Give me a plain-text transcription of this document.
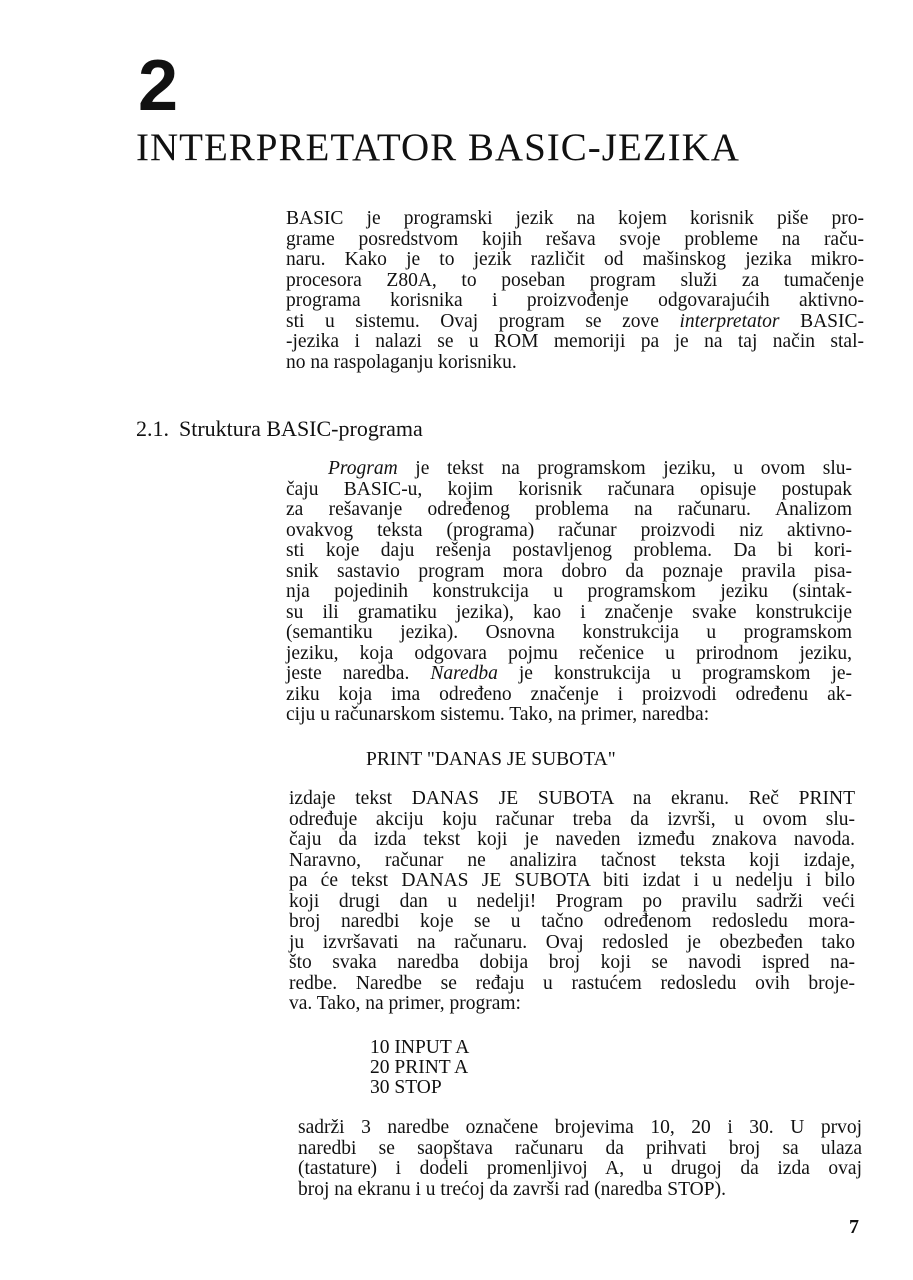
2
INTERPRETATOR BASIC-JEZIKA
BASIC je programski jezik na kojem korisnik piše pro-
grame posredstvom kojih rešava svoje probleme na raču-
naru. Kako je to jezik različit od mašinskog jezika mikro-
procesora Z80A, to poseban program služi za tumačenje
programa korisnika i proizvođenje odgovarajućih aktivno-
sti u sistemu. Ovaj program se zove interpretator BASIC-
-jezika i nalazi se u ROM memoriji pa je na taj način stal-
no na raspolaganju korisniku.
2.1. Struktura BASIC-programa
Program je tekst na programskom jeziku, u ovom slu-
čaju BASIC-u, kojim korisnik računara opisuje postupak
za rešavanje određenog problema na računaru. Analizom
ovakvog teksta (programa) računar proizvodi niz aktivno-
sti koje daju rešenja postavljenog problema. Da bi kori-
snik sastavio program mora dobro da poznaje pravila pisa-
nja pojedinih konstrukcija u programskom jeziku (sintak-
su ili gramatiku jezika), kao i značenje svake konstrukcije
(semantiku jezika). Osnovna konstrukcija u programskom
jeziku, koja odgovara pojmu rečenice u prirodnom jeziku,
jeste naredba. Naredba je konstrukcija u programskom je-
ziku koja ima određeno značenje i proizvodi određenu ak-
ciju u računarskom sistemu. Tako, na primer, naredba:
PRINT "DANAS JE SUBOTA"
izdaje tekst DANAS JE SUBOTA na ekranu. Reč PRINT
određuje akciju koju računar treba da izvrši, u ovom slu-
čaju da izda tekst koji je naveden između znakova navoda.
Naravno, računar ne analizira tačnost teksta koji izdaje,
pa će tekst DANAS JE SUBOTA biti izdat i u nedelju i bilo
koji drugi dan u nedelji! Program po pravilu sadrži veći
broj naredbi koje se u tačno određenom redosledu mora-
ju izvršavati na računaru. Ovaj redosled je obezbeđen tako
što svaka naredba dobija broj koji se navodi ispred na-
redbe. Naredbe se ređaju u rastućem redosledu ovih broje-
va. Tako, na primer, program:
10 INPUT A
20 PRINT A
30 STOP
sadrži 3 naredbe označene brojevima 10, 20 i 30. U prvoj
naredbi se saopštava računaru da prihvati broj sa ulaza
(tastature) i dodeli promenljivoj A, u drugoj da izda ovaj
broj na ekranu i u trećoj da završi rad (naredba STOP).
7
